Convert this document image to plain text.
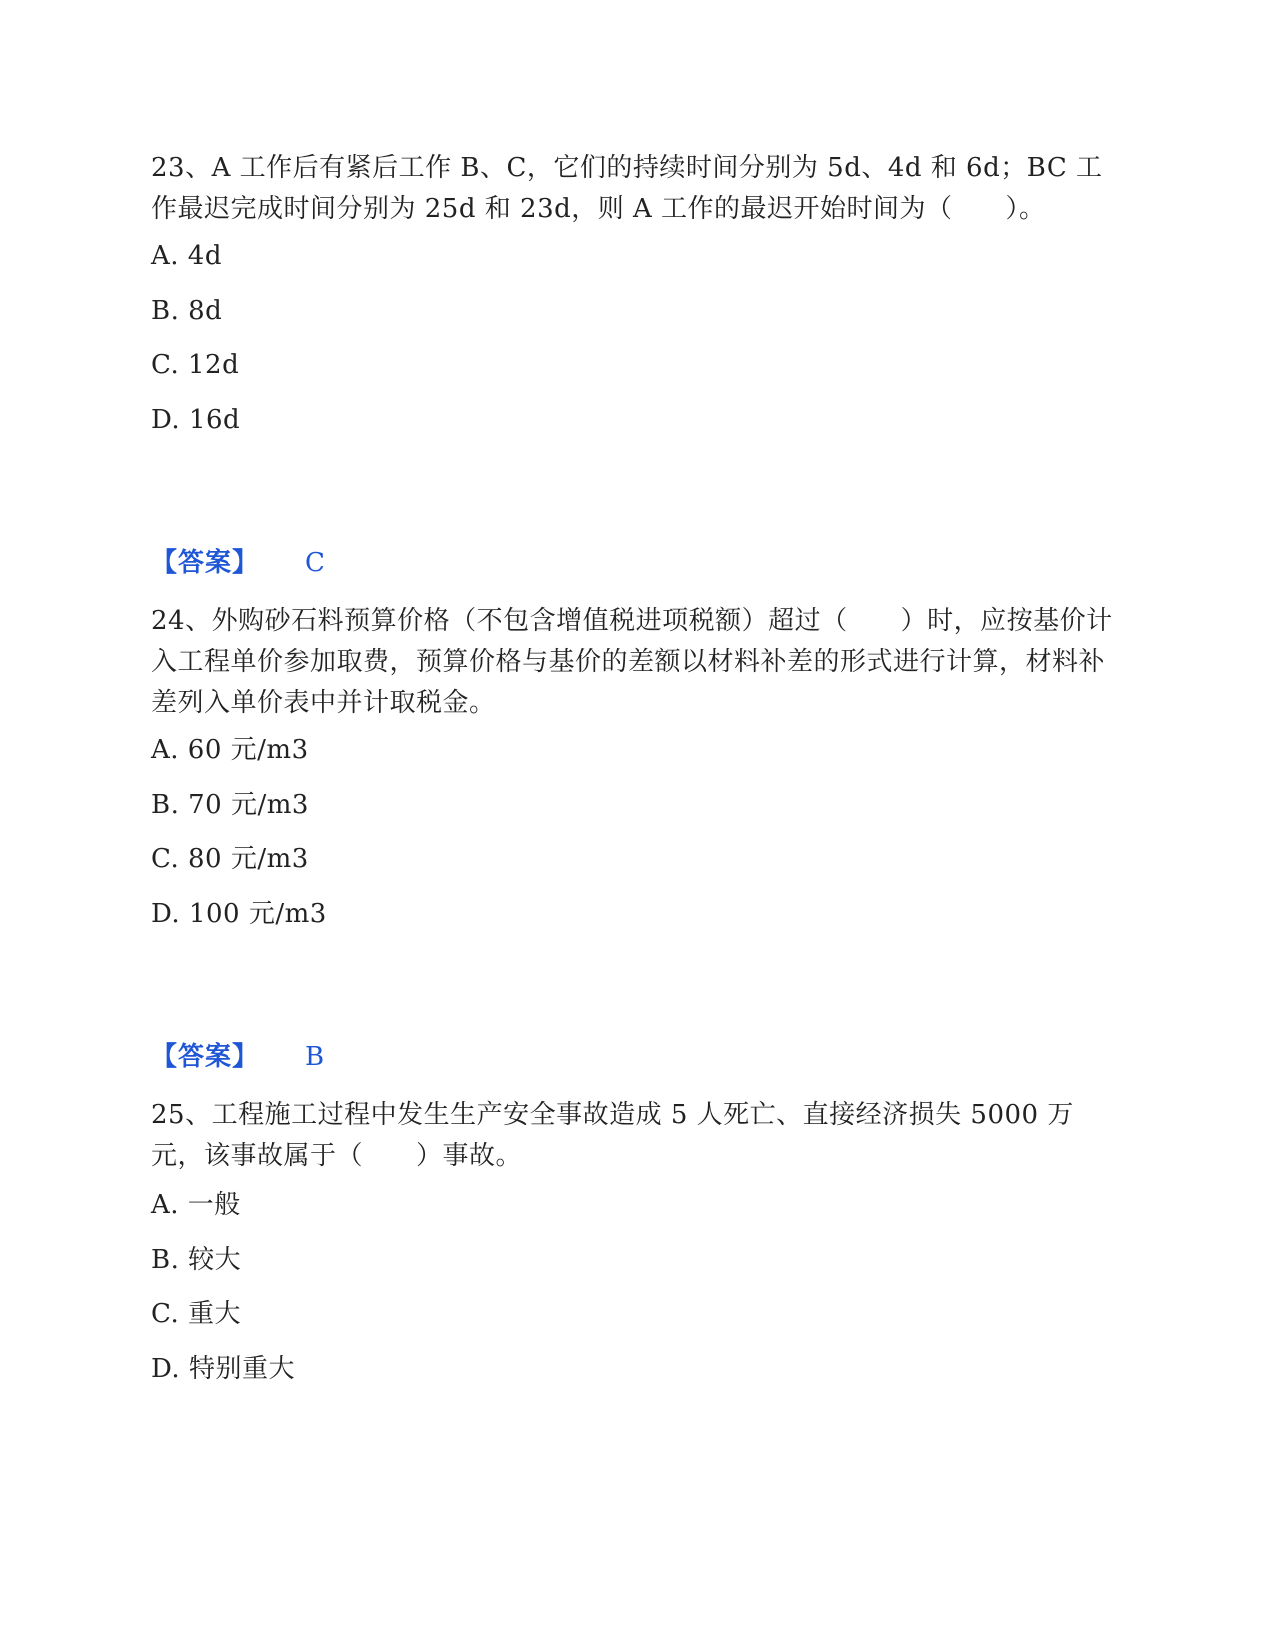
23、A 工作后有紧后工作 B、C，它们的持续时间分别为 5d、4d 和 6d；BC 工作最迟完成时间分别为 25d 和 23d，则 A 工作的最迟开始时间为（　　）。

A. 4d

B. 8d

C. 12d

D. 16d

【答案】 C

24、外购砂石料预算价格（不包含增值税进项税额）超过（　　）时，应按基价计入工程单价参加取费，预算价格与基价的差额以材料补差的形式进行计算，材料补差列入单价表中并计取税金。

A. 60 元/m3

B. 70 元/m3

C. 80 元/m3

D. 100 元/m3

【答案】 B

25、工程施工过程中发生生产安全事故造成 5 人死亡、直接经济损失 5000 万元，该事故属于（　　）事故。

A. 一般

B. 较大

C. 重大

D. 特别重大
